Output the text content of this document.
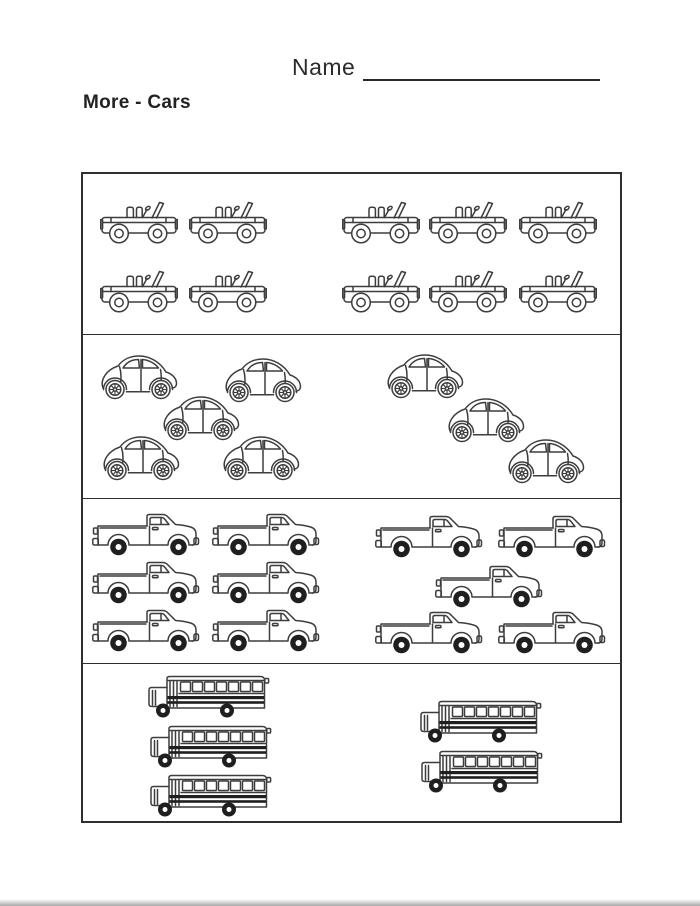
Name
More - Cars
